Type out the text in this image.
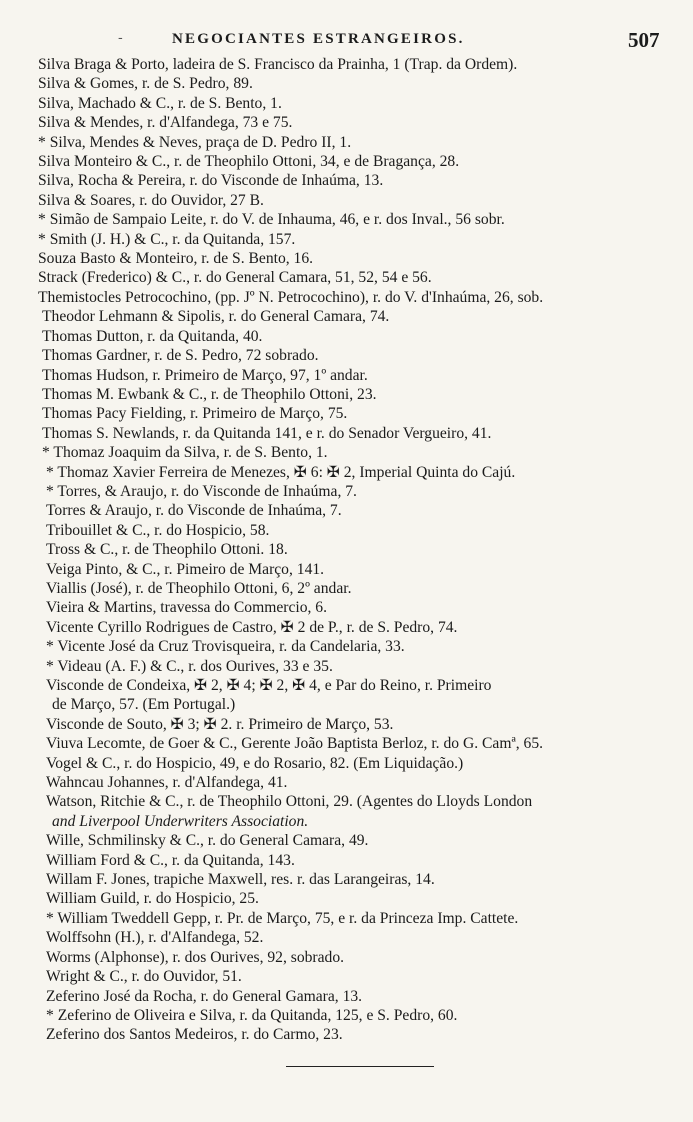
-	NEGOCIANTES ESTRANGEIROS.	507
Silva Braga & Porto, ladeira de S. Francisco da Prainha, 1 (Trap. da Ordem).
Silva & Gomes, r. de S. Pedro, 89.
Silva, Machado & C., r. de S. Bento, 1.
Silva & Mendes, r. d'Alfandega, 73 e 75.
* Silva, Mendes & Neves, praça de D. Pedro II, 1.
Silva Monteiro & C., r. de Theophilo Ottoni, 34, e de Bragança, 28.
Silva, Rocha & Pereira, r. do Visconde de Inhaúma, 13.
Silva & Soares, r. do Ouvidor, 27 B.
* Simão de Sampaio Leite, r. do V. de Inhauma, 46, e r. dos Inval., 56 sobr.
* Smith (J. H.) & C., r. da Quitanda, 157.
Souza Basto & Monteiro, r. de S. Bento, 16.
Strack (Frederico) & C., r. do General Camara, 51, 52, 54 e 56.
Themistocles Petrocochino, (pp. Jº N. Petrocochino), r. do V. d'Inhaúma, 26, sob.
Theodor Lehmann & Sipolis, r. do General Camara, 74.
Thomas Dutton, r. da Quitanda, 40.
Thomas Gardner, r. de S. Pedro, 72 sobrado.
Thomas Hudson, r. Primeiro de Março, 97, 1º andar.
Thomas M. Ewbank & C., r. de Theophilo Ottoni, 23.
Thomas Pacy Fielding, r. Primeiro de Março, 75.
Thomas S. Newlands, r. da Quitanda 141, e r. do Senador Vergueiro, 41.
* Thomaz Joaquim da Silva, r. de S. Bento, 1.
* Thomaz Xavier Ferreira de Menezes, ✠ 6: ✠ 2, Imperial Quinta do Cajú.
* Torres, & Araujo, r. do Visconde de Inhaúma, 7.
Torres & Araujo, r. do Visconde de Inhaúma, 7.
Tribouillet & C., r. do Hospicio, 58.
Tross & C., r. de Theophilo Ottoni. 18.
Veiga Pinto, & C., r. Pimeiro de Março, 141.
Viallis (José), r. de Theophilo Ottoni, 6, 2º andar.
Vieira & Martins, travessa do Commercio, 6.
Vicente Cyrillo Rodrigues de Castro, ✠ 2 de P., r. de S. Pedro, 74.
* Vicente José da Cruz Trovisqueira, r. da Candelaria, 33.
* Videau (A. F.) & C., r. dos Ourives, 33 e 35.
Visconde de Condeixa, ✠ 2, ✠ 4; ✠ 2, ✠ 4, e Par do Reino, r. Primeiro
de Março, 57. (Em Portugal.)
Visconde de Souto, ✠ 3; ✠ 2. r. Primeiro de Março, 53.
Viuva Lecomte, de Goer & C., Gerente João Baptista Berloz, r. do G. Camª, 65.
Vogel & C., r. do Hospicio, 49, e do Rosario, 82. (Em Liquidação.)
Wahncau Johannes, r. d'Alfandega, 41.
Watson, Ritchie & C., r. de Theophilo Ottoni, 29. (Agentes do Lloyds London
and Liverpool Underwriters Association.
Wille, Schmilinsky & C., r. do General Camara, 49.
William Ford & C., r. da Quitanda, 143.
Willam F. Jones, trapiche Maxwell, res. r. das Larangeiras, 14.
William Guild, r. do Hospicio, 25.
* William Tweddell Gepp, r. Pr. de Março, 75, e r. da Princeza Imp. Cattete.
Wolffsohn (H.), r. d'Alfandega, 52.
Worms (Alphonse), r. dos Ourives, 92, sobrado.
Wright & C., r. do Ouvidor, 51.
Zeferino José da Rocha, r. do General Gamara, 13.
* Zeferino de Oliveira e Silva, r. da Quitanda, 125, e S. Pedro, 60.
Zeferino dos Santos Medeiros, r. do Carmo, 23.
